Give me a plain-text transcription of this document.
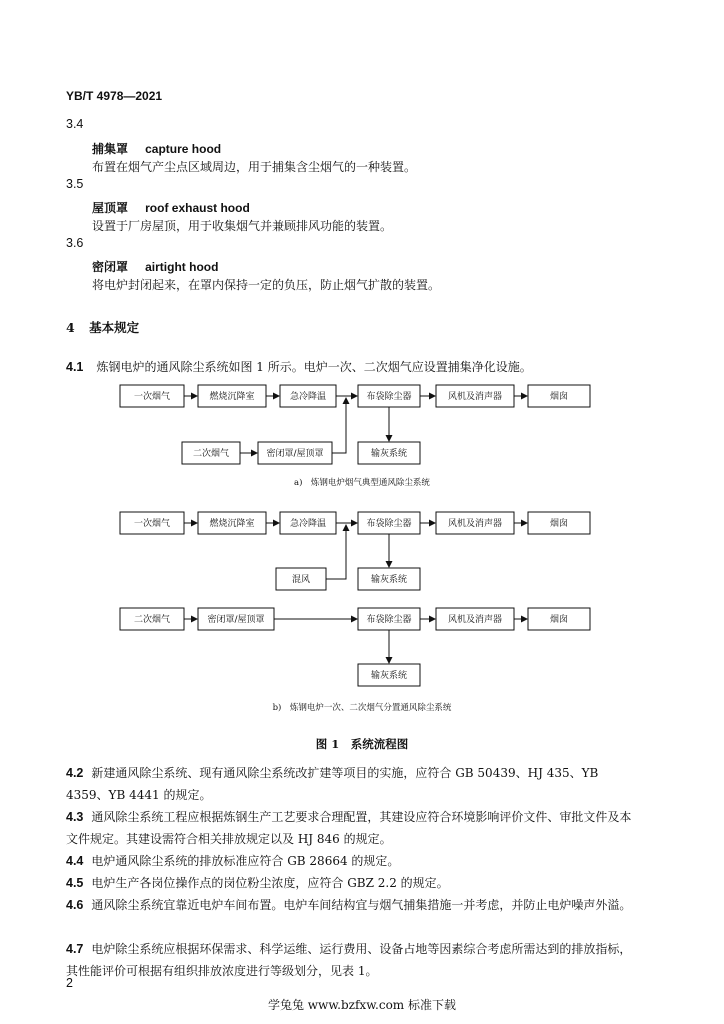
YB/T 4978—2021
3.4
捕集罩 capture hood
布置在烟气产尘点区域周边，用于捕集含尘烟气的一种装置。
3.5
屋顶罩 roof exhaust hood
设置于厂房屋顶，用于收集烟气并兼顾排风功能的装置。
3.6
密闭罩 airtight hood
将电炉封闭起来，在罩内保持一定的负压，防止烟气扩散的装置。
4 基本规定
4.1 炼钢电炉的通风除尘系统如图 1 所示。电炉一次、二次烟气应设置捕集净化设施。
一次烟气	燃烧沉降室	急冷降温	布袋除尘器	风机及消声器	烟囱
二次烟气	密闭罩/屋顶罩	输灰系统
一次烟气	燃烧沉降室	急冷降温	布袋除尘器	风机及消声器	烟囱
混风	输灰系统
二次烟气	密闭罩/屋顶罩	布袋除尘器	风机及消声器	烟囱
输灰系统
a)　炼钢电炉烟气典型通风除尘系统
b)　炼钢电炉一次、二次烟气分置通风除尘系统
图 1　系统流程图
4.2 新建通风除尘系统、现有通风除尘系统改扩建等项目的实施，应符合 GB 50439、HJ 435、YB 4359、YB 4441 的规定。
4.3 通风除尘系统工程应根据炼钢生产工艺要求合理配置，其建设应符合环境影响评价文件、审批文件及本文件规定。其建设需符合相关排放规定以及 HJ 846 的规定。
4.4 电炉通风除尘系统的排放标准应符合 GB 28664 的规定。
4.5 电炉生产各岗位操作点的岗位粉尘浓度，应符合 GBZ 2.2 的规定。
4.6 通风除尘系统宜靠近电炉车间布置。电炉车间结构宜与烟气捕集措施一并考虑，并防止电炉噪声外溢。
4.7 电炉除尘系统应根据环保需求、科学运维、运行费用、设备占地等因素综合考虑所需达到的排放指标，其性能评价可根据有组织排放浓度进行等级划分，见表 1。
2
学兔兔 www.bzfxw.com 标准下载
